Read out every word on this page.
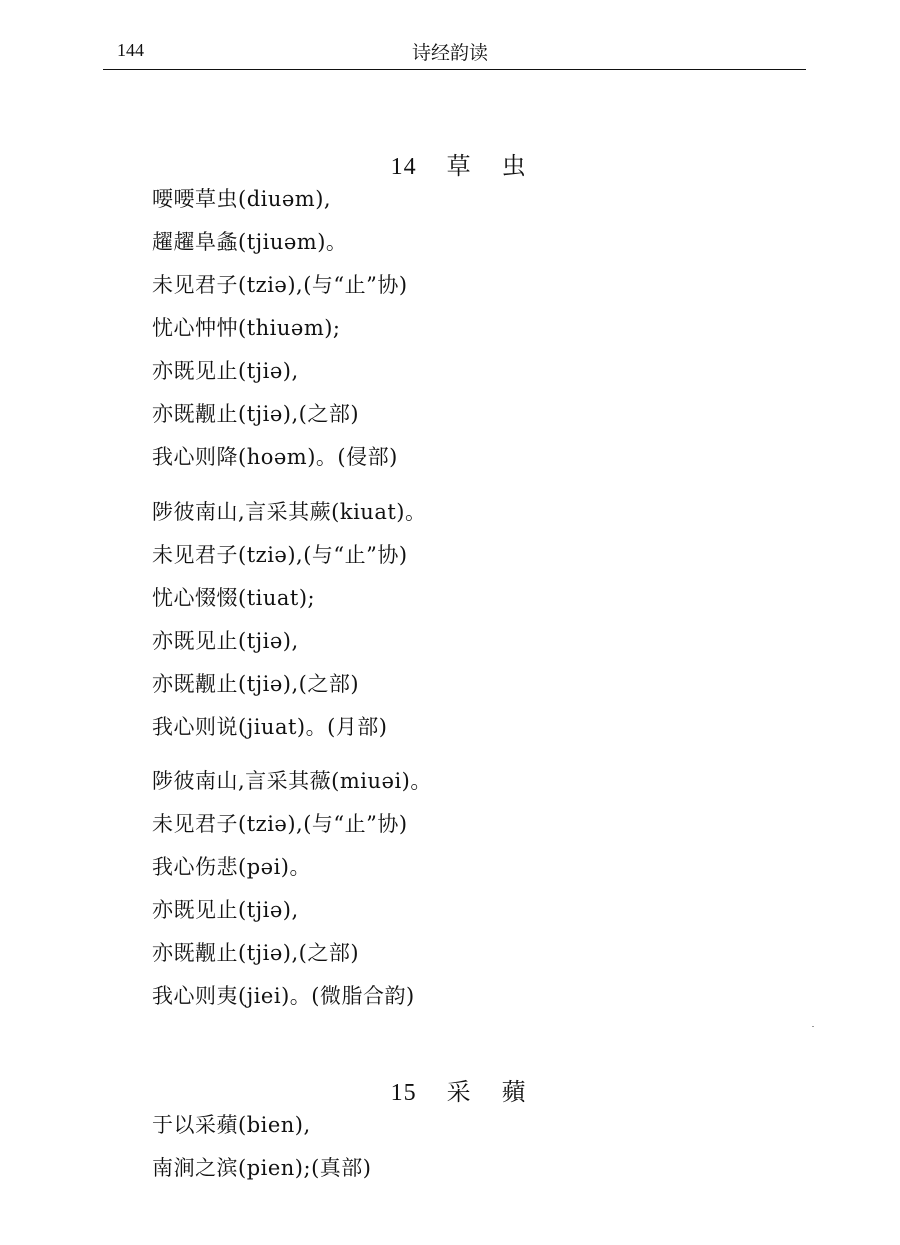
144	诗经韵读

14 草 虫

喓喓草虫(diuəm),
趯趯阜螽(tjiuəm)。
未见君子(tziə),(与“止”协)
忧心忡忡(thiuəm);
亦既见止(tjiə),
亦既觏止(tjiə),(之部)
我心则降(hoəm)。(侵部)
陟彼南山,言采其蕨(kiuat)。
未见君子(tziə),(与“止”协)
忧心惙惙(tiuat);
亦既见止(tjiə),
亦既觏止(tjiə),(之部)
我心则说(jiuat)。(月部)
陟彼南山,言采其薇(miuəi)。
未见君子(tziə),(与“止”协)
我心伤悲(pəi)。
亦既见止(tjiə),
亦既觏止(tjiə),(之部)
我心则夷(jiei)。(微脂合韵)

15 采 蘋

于以采蘋(bien),
南涧之滨(pien);(真部)
